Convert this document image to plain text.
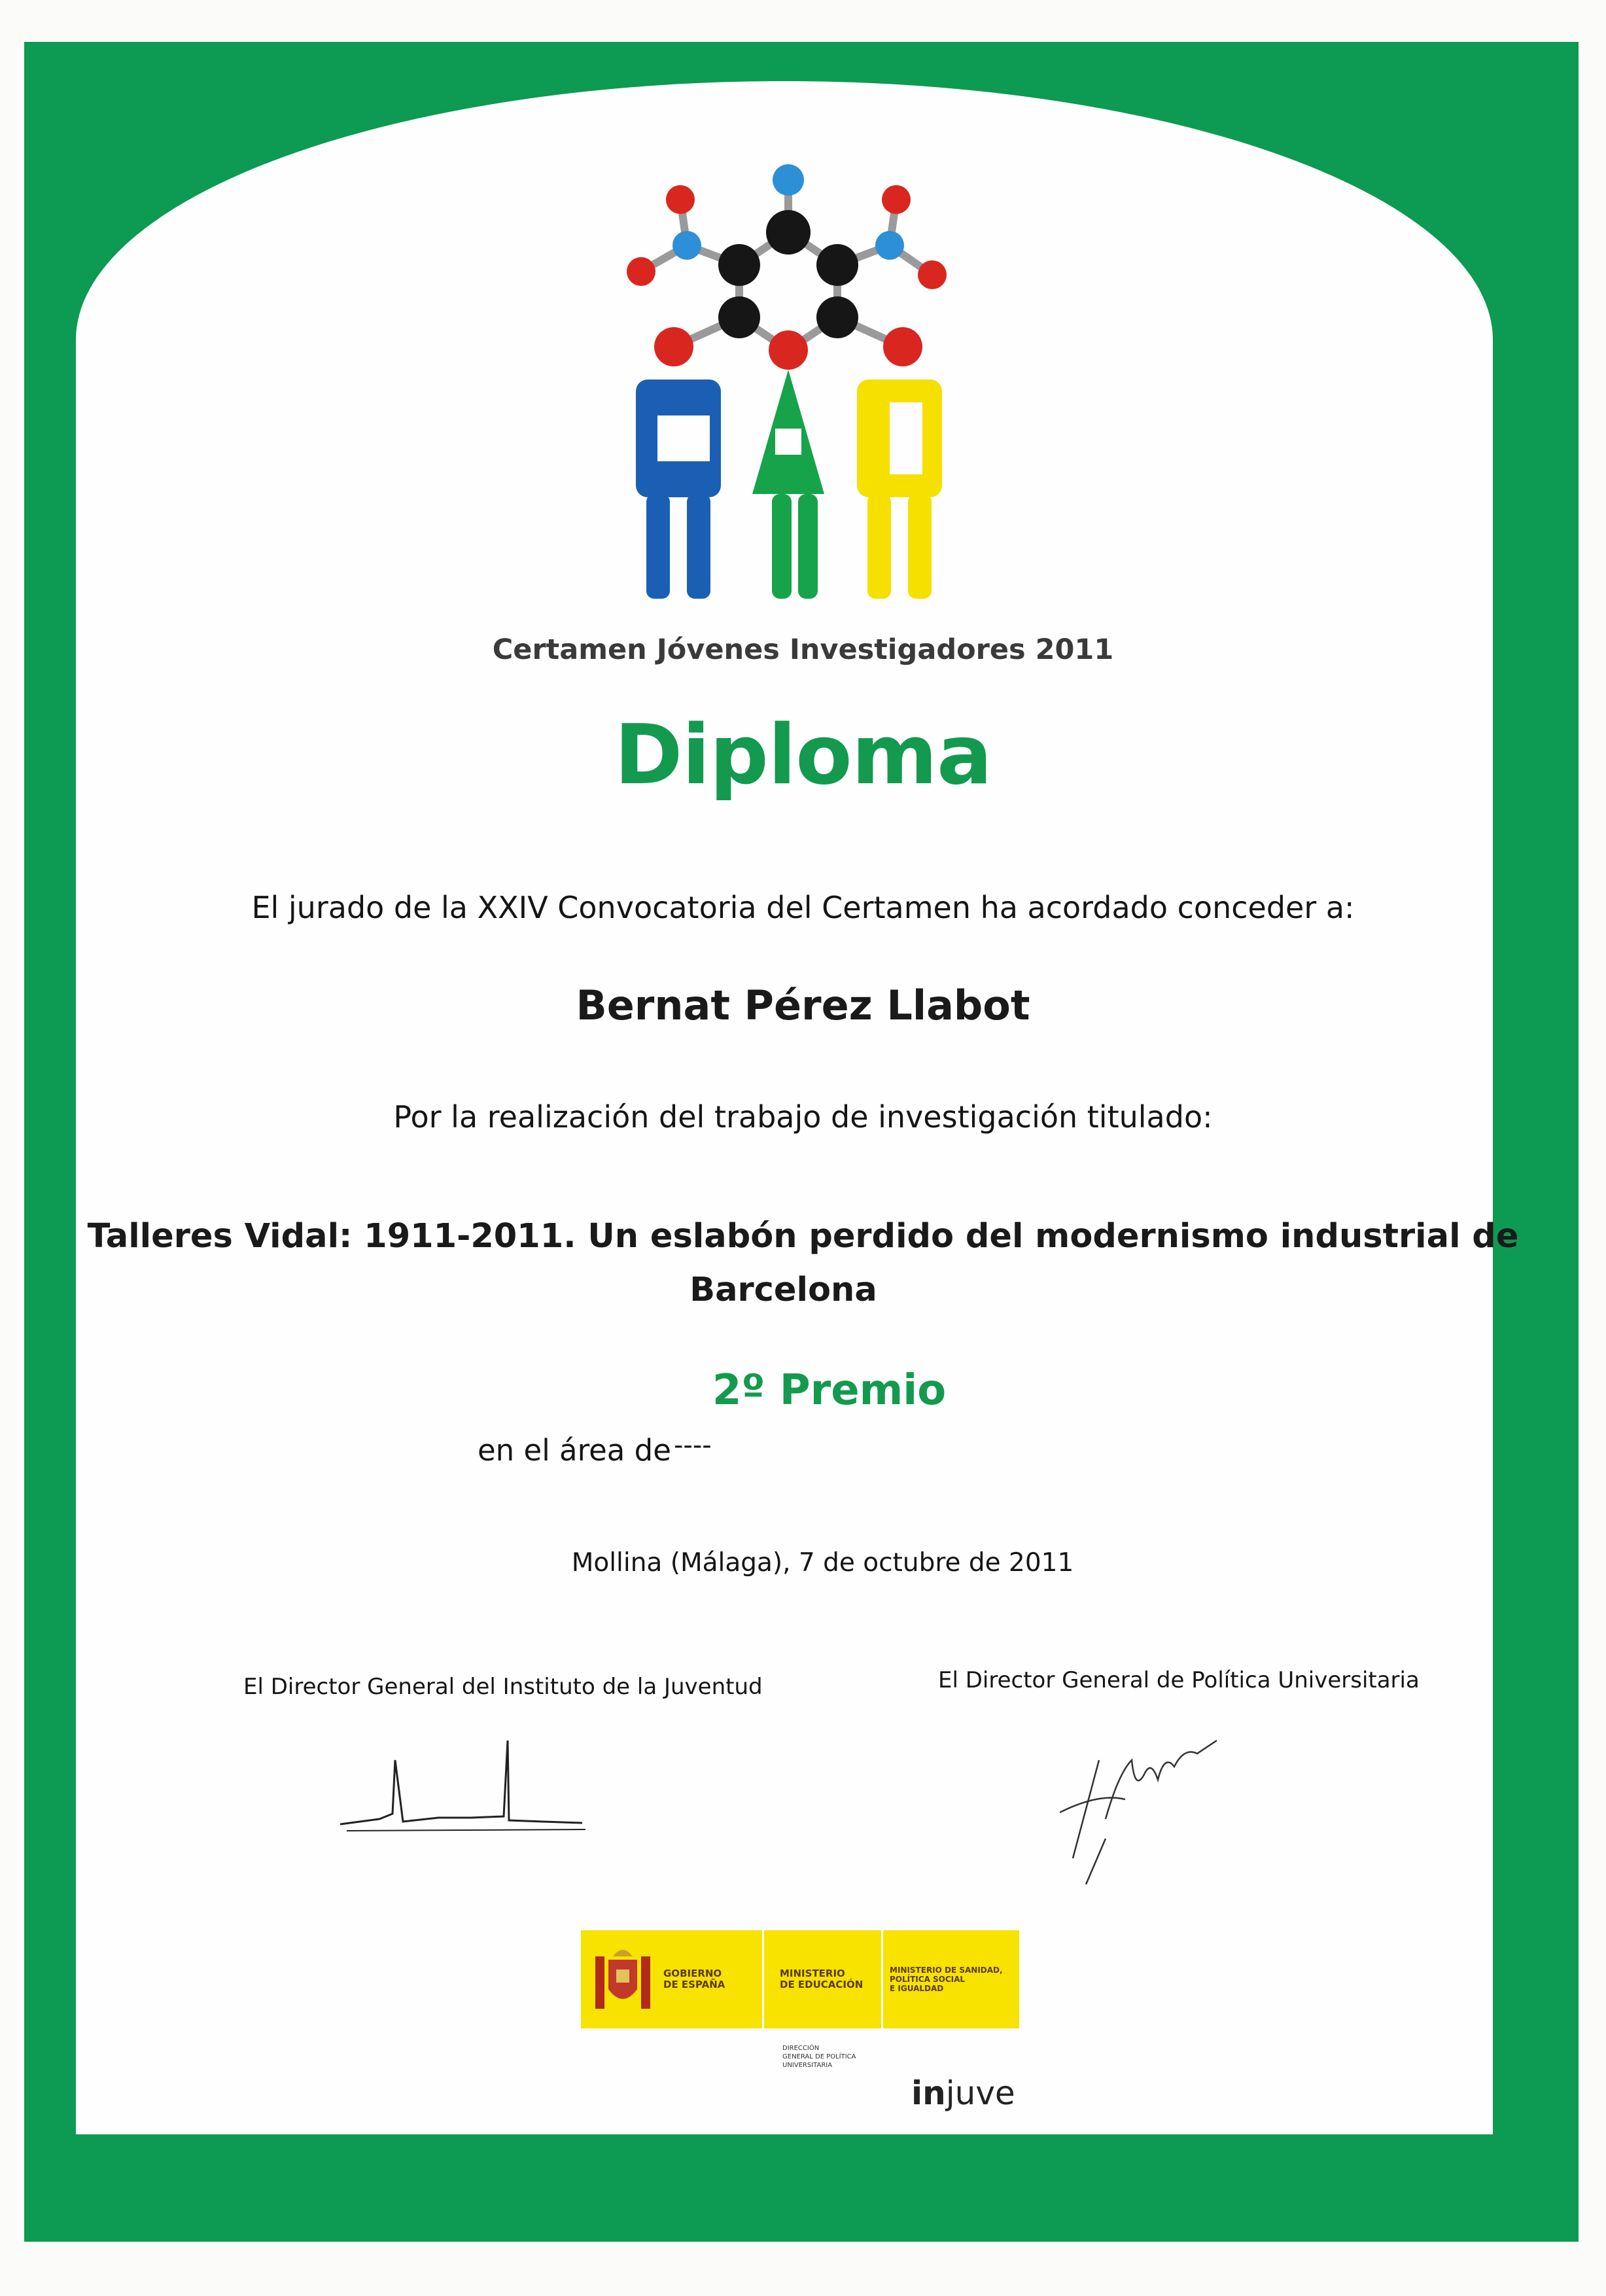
Certamen Jóvenes Investigadores 2011
Diploma
El jurado de la XXIV Convocatoria del Certamen ha acordado conceder a:
Bernat Pérez Llabot
Por la realización del trabajo de investigación titulado:
Talleres Vidal: 1911-2011. Un eslabón perdido del modernismo industrial de
Barcelona
2º Premio
en el área de ----
Mollina (Málaga), 7 de octubre de 2011
El Director General del Instituto de la Juventud	El Director General de Política Universitaria
GOBIERNO
DE ESPAÑA
MINISTERIO
DE EDUCACIÓN
MINISTERIO DE SANIDAD,
POLÍTICA SOCIAL
E IGUALDAD
DIRECCIÓN
GENERAL DE POLÍTICA
UNIVERSITARIA
injuve
